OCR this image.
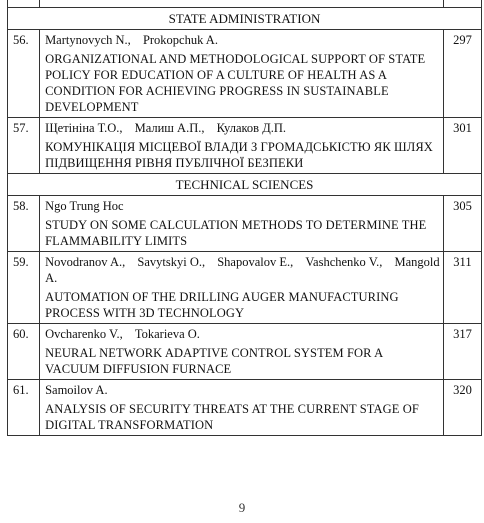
STATE ADMINISTRATION		
56.	Martynovych N., Prokopchuk A.
ORGANIZATIONAL AND METHODOLOGICAL SUPPORT OF STATE POLICY FOR EDUCATION OF A CULTURE OF HEALTH AS A CONDITION FOR ACHIEVING PROGRESS IN SUSTAINABLE DEVELOPMENT	297
57.	Щетініна Т.О., Малиш А.П., Кулаков Д.П.
КОМУНІКАЦІЯ МІСЦЕВОЇ ВЛАДИ З ГРОМАДСЬКІСТЮ ЯК ШЛЯХ ПІДВИЩЕННЯ РІВНЯ ПУБЛІЧНОЇ БЕЗПЕКИ	301
TECHNICAL SCIENCES		
58.	Ngo Trung Hoc
STUDY ON SOME CALCULATION METHODS TO DETERMINE THE FLAMMABILITY LIMITS	305
59.	Novodranov A., Savytskyi O., Shapovalov E., Vashchenko V., Mangold A.
AUTOMATION OF THE DRILLING AUGER MANUFACTURING PROCESS WITH 3D TECHNOLOGY	311
60.	Ovcharenko V., Tokarieva O.
NEURAL NETWORK ADAPTIVE CONTROL SYSTEM FOR A VACUUM DIFFUSION FURNACE	317
61.	Samoilov A.
ANALYSIS OF SECURITY THREATS AT THE CURRENT STAGE OF DIGITAL TRANSFORMATION	320
9
